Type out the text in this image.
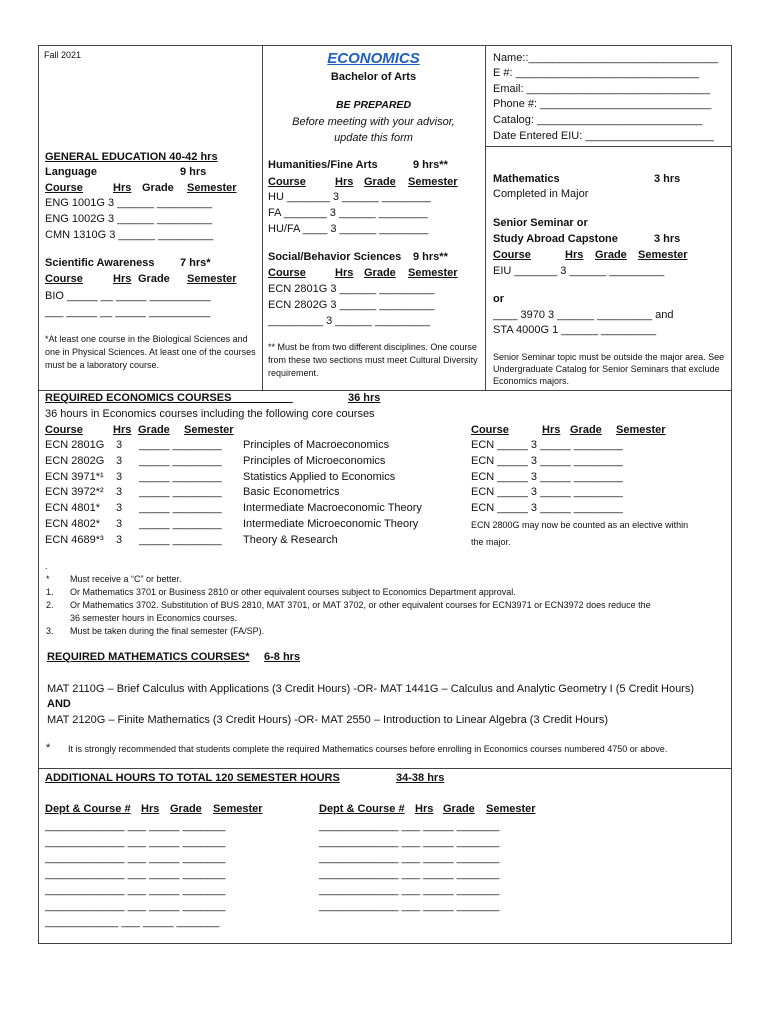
Fall 2021	ECONOMICS
Bachelor of Arts
BE PREPARED
Before meeting with your advisor,
update this form
Name::_______________________________
E #: ______________________________
Email: ______________________________
Phone #: ____________________________
Catalog: ___________________________
Date Entered EIU: _____________________
GENERAL EDUCATION 40-42 hrs
Language	9 hrs
Course	Hrs Grade Semester
ENG 1001G 3 ______ _________
ENG 1002G 3 ______ _________
CMN 1310G 3 ______ _________
Scientific Awareness 7 hrs*
Course	Hrs Grade Semester
BIO _____ __ _____ __________
___ _____ __ _____ __________
*At least one course in the Biological Sciences and one in Physical Sciences. At least one of the courses must be a laboratory course.
Humanities/Fine Arts	9 hrs**
Course	Hrs Grade Semester
HU _______ 3 ______ ________
FA _______ 3 ______ ________
HU/FA ____ 3 ______ ________
Social/Behavior Sciences 9 hrs**
Course	Hrs Grade Semester
ECN 2801G 3 ______ _________
ECN 2802G 3 ______ _________
_________ 3 ______ _________
** Must be from two different disciplines. One course from these two sections must meet Cultural Diversity requirement.
Mathematics	3 hrs
Completed in Major
Senior Seminar or
Study Abroad Capstone	3 hrs
Course	Hrs Grade Semester
EIU _______ 3 ______ _________
or
____ 3970 3 ______ _________ and
STA 4000G 1 ______ _________
Senior Seminar topic must be outside the major area. See Undergraduate Catalog for Senior Seminars that exclude Economics majors.
REQUIRED ECONOMICS COURSES__________	36 hrs
36 hours in Economics courses including the following core courses
Course	Hrs Grade Semester
ECN 2801G 3 _____ ________ Principles of Macroeconomics
ECN 2802G 3 _____ ________ Principles of Microeconomics
ECN 3971*¹ 3 _____ ________ Statistics Applied to Economics
ECN 3972*² 3 _____ ________ Basic Econometrics
ECN 4801* 3 _____ ________ Intermediate Macroeconomic Theory
ECN 4802* 3 _____ ________ Intermediate Microeconomic Theory
ECN 4689*³ 3 _____ ________ Theory & Research
Course	Hrs Grade Semester
ECN _____ 3 _____ ________
ECN _____ 3 _____ ________
ECN _____ 3 _____ ________
ECN _____ 3 _____ ________
ECN _____ 3 _____ ________
ECN 2800G may now be counted as an elective within
the major.
.
* Must receive a “C” or better.
1. Or Mathematics 3701 or Business 2810 or other equivalent courses subject to Economics Department approval.
2. Or Mathematics 3702. Substitution of BUS 2810, MAT 3701, or MAT 3702, or other equivalent courses for ECN3971 or ECN3972 does reduce the
36 semester hours in Economics courses.
3. Must be taken during the final semester (FA/SP).
REQUIRED MATHEMATICS COURSES* 6-8 hrs
MAT 2110G – Brief Calculus with Applications (3 Credit Hours) -OR- MAT 1441G – Calculus and Analytic Geometry I (5 Credit Hours)
AND
MAT 2120G – Finite Mathematics (3 Credit Hours) -OR- MAT 2550 – Introduction to Linear Algebra (3 Credit Hours)
* It is strongly recommended that students complete the required Mathematics courses before enrolling in Economics courses numbered 4750 or above.
ADDITIONAL HOURS TO TOTAL 120 SEMESTER HOURS	34-38 hrs
Dept & Course # Hrs Grade Semester
_____________ ___ _____ _______
_____________ ___ _____ _______
_____________ ___ _____ _______
_____________ ___ _____ _______
_____________ ___ _____ _______
_____________ ___ _____ _______
____________ ___ _____ _______
Dept & Course # Hrs Grade Semester
_____________ ___ _____ _______
_____________ ___ _____ _______
_____________ ___ _____ _______
_____________ ___ _____ _______
_____________ ___ _____ _______
_____________ ___ _____ _______
